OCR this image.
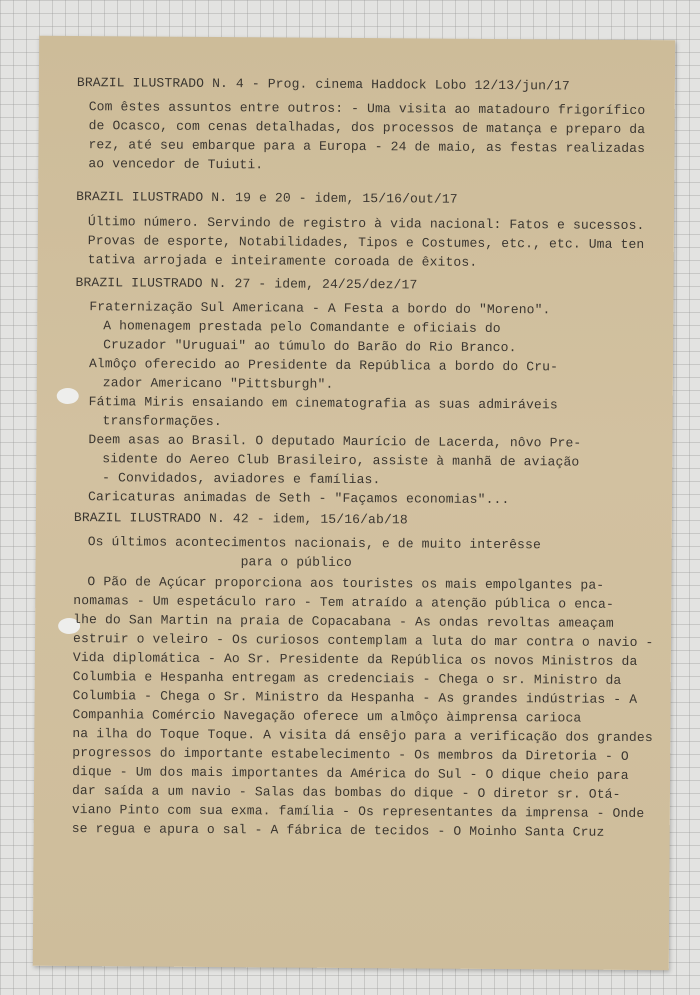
BRAZIL ILUSTRADO N. 4 - Prog. cinema Haddock Lobo 12/13/jun/17
Com êstes assuntos entre outros: - Uma visita ao matadouro frigorífico
de Ocasco, com cenas detalhadas, dos processos de matança e preparo da
rez, até seu embarque para a Europa - 24 de maio, as festas realizadas
ao vencedor de Tuiuti.
BRAZIL ILUSTRADO N. 19 e 20 - idem, 15/16/out/17
Último número. Servindo de registro à vida nacional: Fatos e sucessos.
Provas de esporte, Notabilidades, Tipos e Costumes, etc., etc. Uma ten
tativa arrojada e inteiramente coroada de êxitos.
BRAZIL ILUSTRADO N. 27 - idem, 24/25/dez/17
Fraternização Sul Americana - A Festa a bordo do "Moreno".
A homenagem prestada pelo Comandante e oficiais do
Cruzador "Uruguai" ao túmulo do Barão do Rio Branco.
Almôço oferecido ao Presidente da República a bordo do Cru-
zador Americano "Pittsburgh".
Fátima Miris ensaiando em cinematografia as suas admiráveis
transformações.
Deem asas ao Brasil. O deputado Maurício de Lacerda, nôvo Pre-
sidente do Aereo Club Brasileiro, assiste à manhã de aviação
- Convidados, aviadores e famílias.
Caricaturas animadas de Seth - "Façamos economias"...
BRAZIL ILUSTRADO N. 42 - idem, 15/16/ab/18
Os últimos acontecimentos nacionais, e de muito interêsse
para o público
O Pão de Açúcar proporciona aos touristes os mais empolgantes pa-
nomamas - Um espetáculo raro - Tem atraído a atenção pública o enca-
lhe do San Martin na praia de Copacabana - As ondas revoltas ameaçam
estruir o veleiro - Os curiosos contemplam a luta do mar contra o navio -
Vida diplomática - Ao Sr. Presidente da República os novos Ministros da
Columbia e Hespanha entregam as credenciais - Chega o sr. Ministro da
Columbia - Chega o Sr. Ministro da Hespanha - As grandes indústrias - A
Companhia Comércio Navegação oferece um almôço àimprensa carioca
na ilha do Toque Toque. A visita dá ensêjo para a verificação dos grandes
progressos do importante estabelecimento - Os membros da Diretoria - O
dique - Um dos mais importantes da América do Sul - O dique cheio para
dar saída a um navio - Salas das bombas do dique - O diretor sr. Otá-
viano Pinto com sua exma. família - Os representantes da imprensa - Onde
se regua e apura o sal - A fábrica de tecidos - O Moinho Santa Cruz
